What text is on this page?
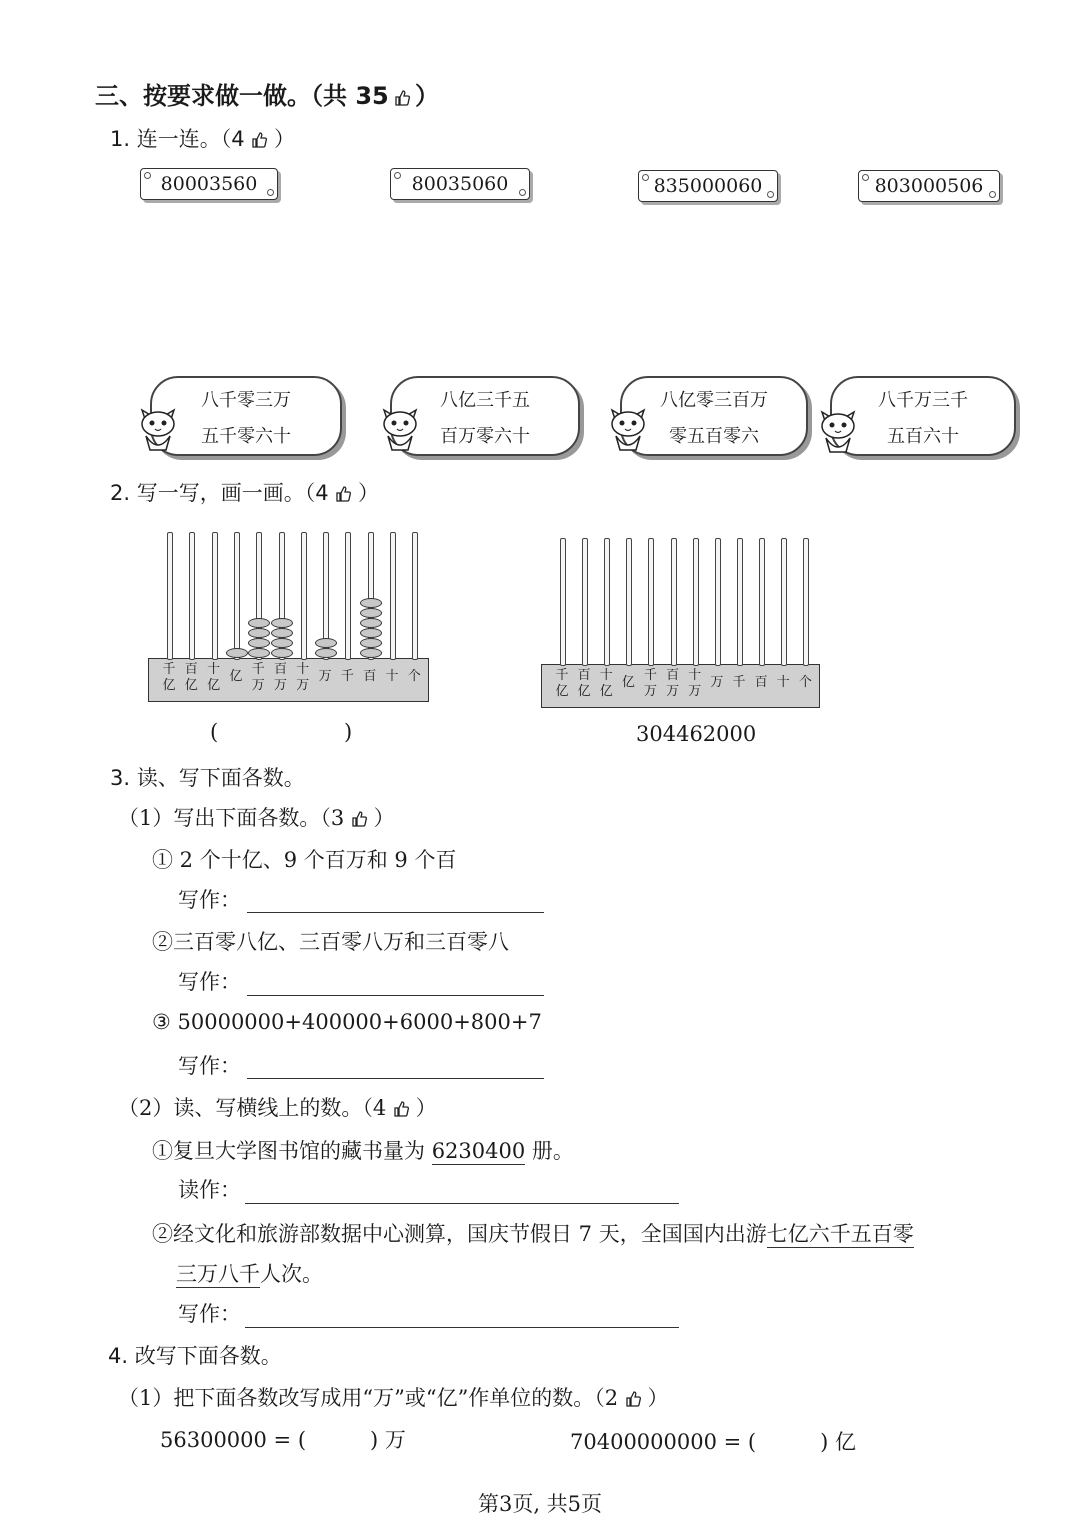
三、按要求做一做。（共 35 ）
1. 连一连。（4 ）
80003560	80035060	835000060	803000506
八千零三万
五千零六十
八亿三千五
百万零六十
八亿零三百万
零五百零六
八千万三千
五百六十
2. 写一写，画一画。（4 ）
千
亿
百
亿
十
亿
亿 千
万
百
万
十
万
万 千 百 十 个	千
亿
百
亿
十
亿
亿 千
万
百
万
十
万
万 千 百 十 个
(	)	304462000
3. 读、写下面各数。
（1）写出下面各数。（3 ）
① 2 个十亿、9 个百万和 9 个百
写作：
②三百零八亿、三百零八万和三百零八
写作：
③ 50000000+400000+6000+800+7
写作：
（2）读、写横线上的数。（4 ）
①复旦大学图书馆的藏书量为 6230400 册。
读作：
②经文化和旅游部数据中心测算，国庆节假日 7 天，全国国内出游七亿六千五百零
三万八千人次。
写作：
4. 改写下面各数。
（1）把下面各数改写成用“万”或“亿”作单位的数。（2 ）
56300000 = (	) 万	70400000000 = (	) 亿
第3页, 共5页
